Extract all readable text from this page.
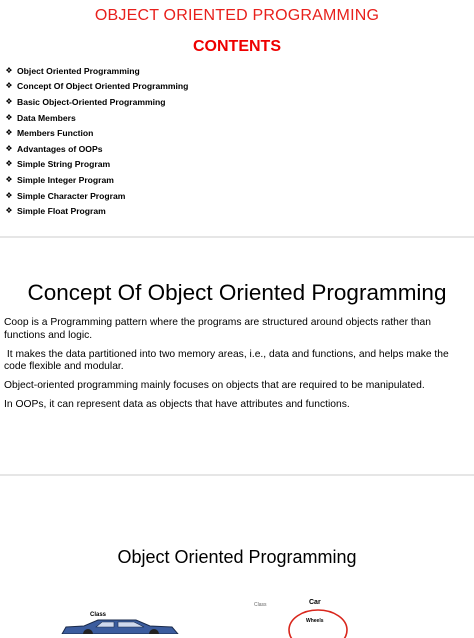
OBJECT ORIENTED PROGRAMMING
CONTENTS
❖ Object Oriented Programming
❖ Concept Of Object Oriented Programming
❖ Basic Object-Oriented Programming
❖ Data Members
❖ Members Function
❖ Advantages of OOPs
❖ Simple String Program
❖ Simple Integer Program
❖ Simple Character Program
❖ Simple Float Program
Concept Of Object Oriented Programming

Coop is a Programming pattern where the programs are structured around objects rather than functions and logic.

It makes the data partitioned into two memory areas, i.e., data and functions, and helps make the code flexible and modular.

Object-oriented programming mainly focuses on objects that are required to be manipulated.

In OOPs, it can represent data as objects that have attributes and functions.

Object Oriented Programming
Class
Class	Car
Wheels
